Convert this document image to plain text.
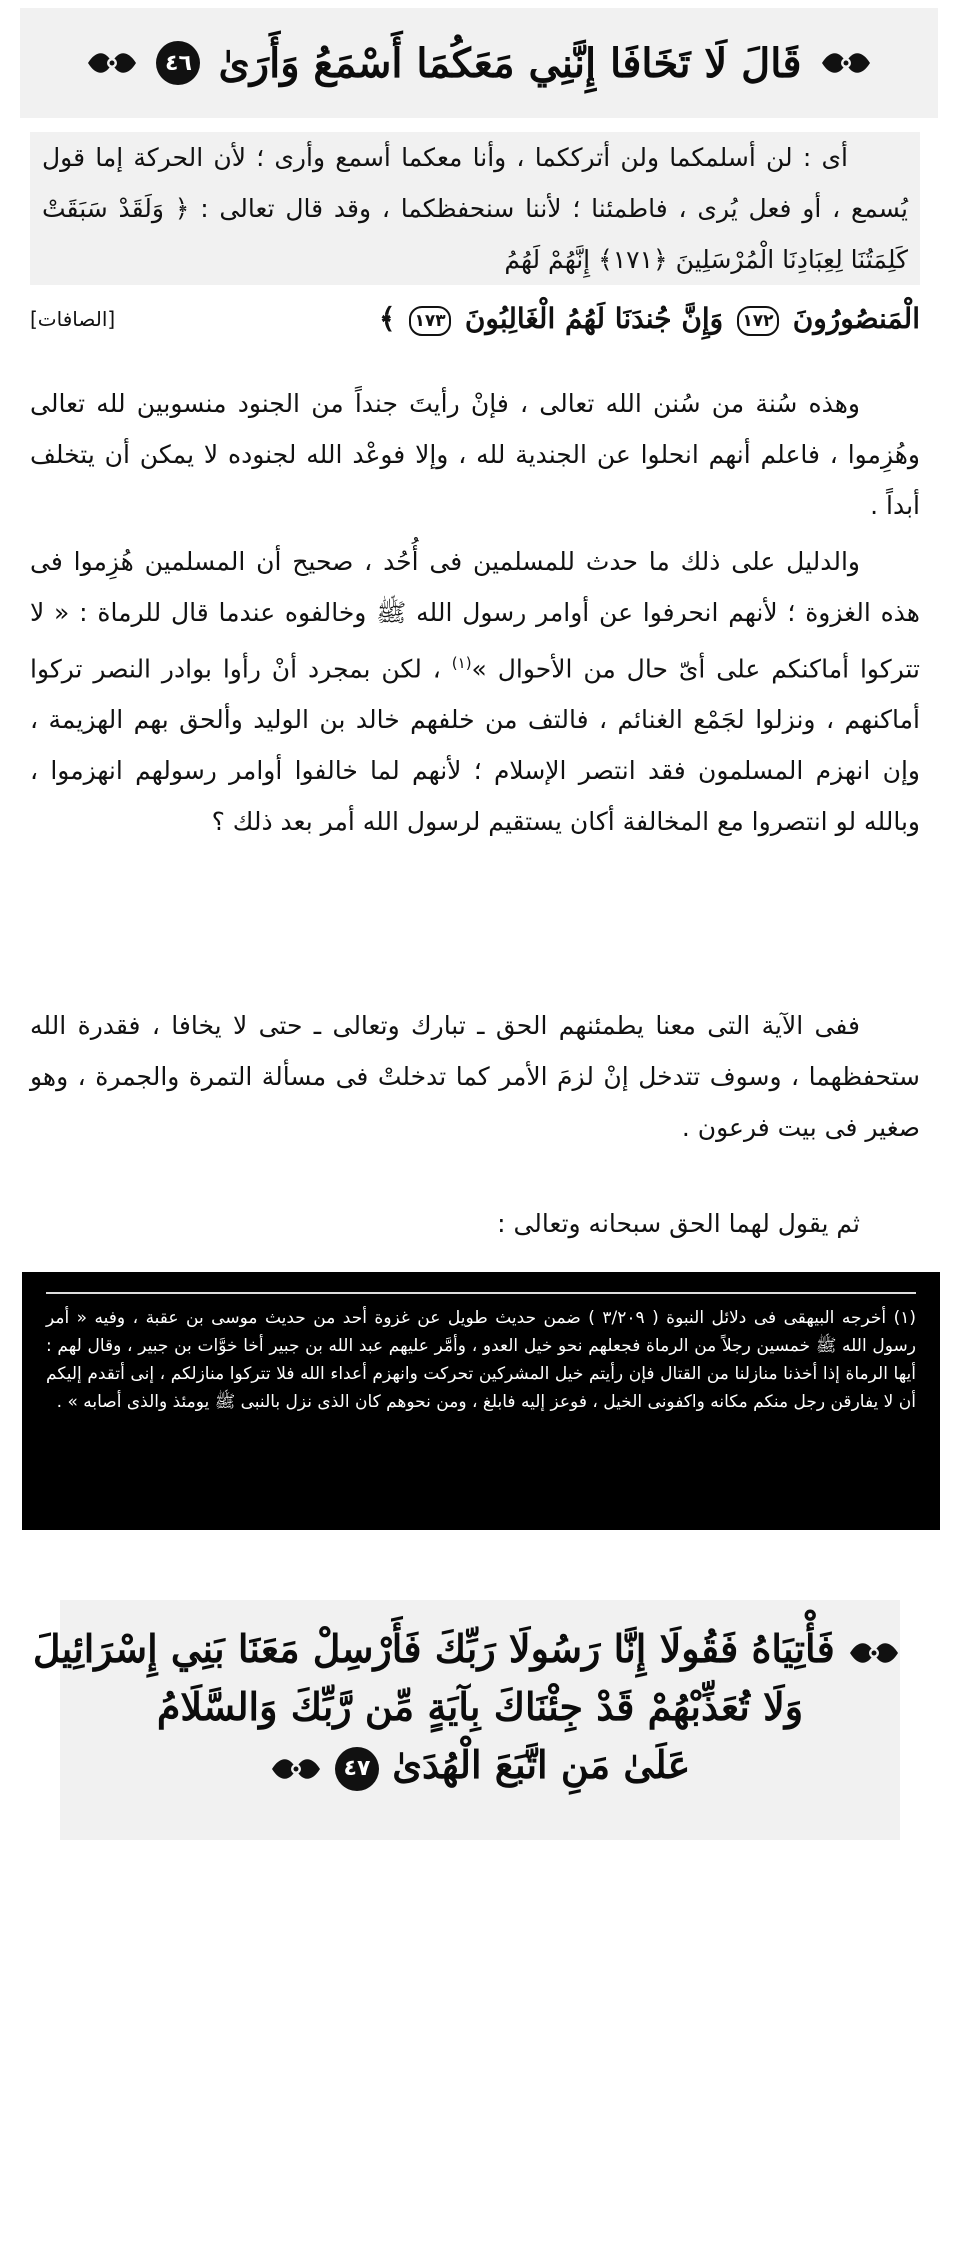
قَالَ لَا تَخَافَا إِنَّنِي مَعَكُمَا أَسْمَعُ وَأَرَىٰ
٤٦

أى : لن أسلمكما ولن أترككما ، وأنا معكما أسمع وأرى ؛ لأن الحركة إما قول يُسمع ، أو فعل يُرى ، فاطمئنا ؛ لأننا سنحفظكما ، وقد قال تعالى : ﴿ وَلَقَدْ سَبَقَتْ كَلِمَتُنَا لِعِبَادِنَا الْمُرْسَلِينَ ﴿١٧١﴾ إِنَّهُمْ لَهُمُ

الْمَنصُورُونَ ١٧٢ وَإِنَّ جُندَنَا لَهُمُ الْغَالِبُونَ ١٧٣ ﴾
[الصافات]

وهذه سُنة من سُنن الله تعالى ، فإنْ رأيتَ جنداً من الجنود منسوبين لله تعالى وهُزِموا ، فاعلم أنهم انحلوا عن الجندية لله ، وإلا فوعْد الله لجنوده لا يمكن أن يتخلف أبداً .

والدليل على ذلك ما حدث للمسلمين فى أُحُد ، صحيح أن المسلمين هُزِموا فى هذه الغزوة ؛ لأنهم انحرفوا عن أوامر رسول الله ﷺ وخالفوه عندما قال للرماة : « لا تتركوا أماكنكم على أىّ حال من الأحوال »$^{(١)}$ ، لكن بمجرد أنْ رأوا بوادر النصر تركوا أماكنهم ، ونزلوا لجَمْع الغنائم ، فالتف من خلفهم خالد بن الوليد وألحق بهم الهزيمة ، وإن انهزم المسلمون فقد انتصر الإسلام ؛ لأنهم لما خالفوا أوامر رسولهم انهزموا ، وبالله لو انتصروا مع المخالفة أكان يستقيم لرسول الله أمر بعد ذلك ؟

ففى الآية التى معنا يطمئنهم الحق ـ تبارك وتعالى ـ حتى لا يخافا ، فقدرة الله ستحفظهما ، وسوف تتدخل إنْ لزمَ الأمر كما تدخلتْ فى مسألة التمرة والجمرة ، وهو صغير فى بيت فرعون .

ثم يقول لهما الحق سبحانه وتعالى :

(١) أخرجه البيهقى فى دلائل النبوة ( ٣/٢٠٩ ) ضمن حديث طويل عن غزوة أحد من حديث موسى بن عقبة ، وفيه « أمر رسول الله ﷺ خمسين رجلاً من الرماة فجعلهم نحو خيل العدو ، وأمَّر عليهم عبد الله بن جبير أخا خوَّات بن جبير ، وقال لهم : أيها الرماة إذا أخذنا منازلنا من القتال فإن رأيتم خيل المشركين تحركت وانهزم أعداء الله فلا تتركوا منازلكم ، إنى أتقدم إليكم أن لا يفارقن رجل منكم مكانه واكفونى الخيل ، فوعز إليه فابلغ ، ومن نحوهم كان الذى نزل بالنبى ﷺ يومئذ والذى أصابه » .

فَأْتِيَاهُ فَقُولَا إِنَّا رَسُولَا رَبِّكَ فَأَرْسِلْ مَعَنَا بَنِي إِسْرَائِيلَ
وَلَا تُعَذِّبْهُمْ قَدْ جِئْنَاكَ بِآيَةٍ مِّن رَّبِّكَ وَالسَّلَامُ
عَلَىٰ مَنِ اتَّبَعَ الْهُدَىٰ ٤٧
